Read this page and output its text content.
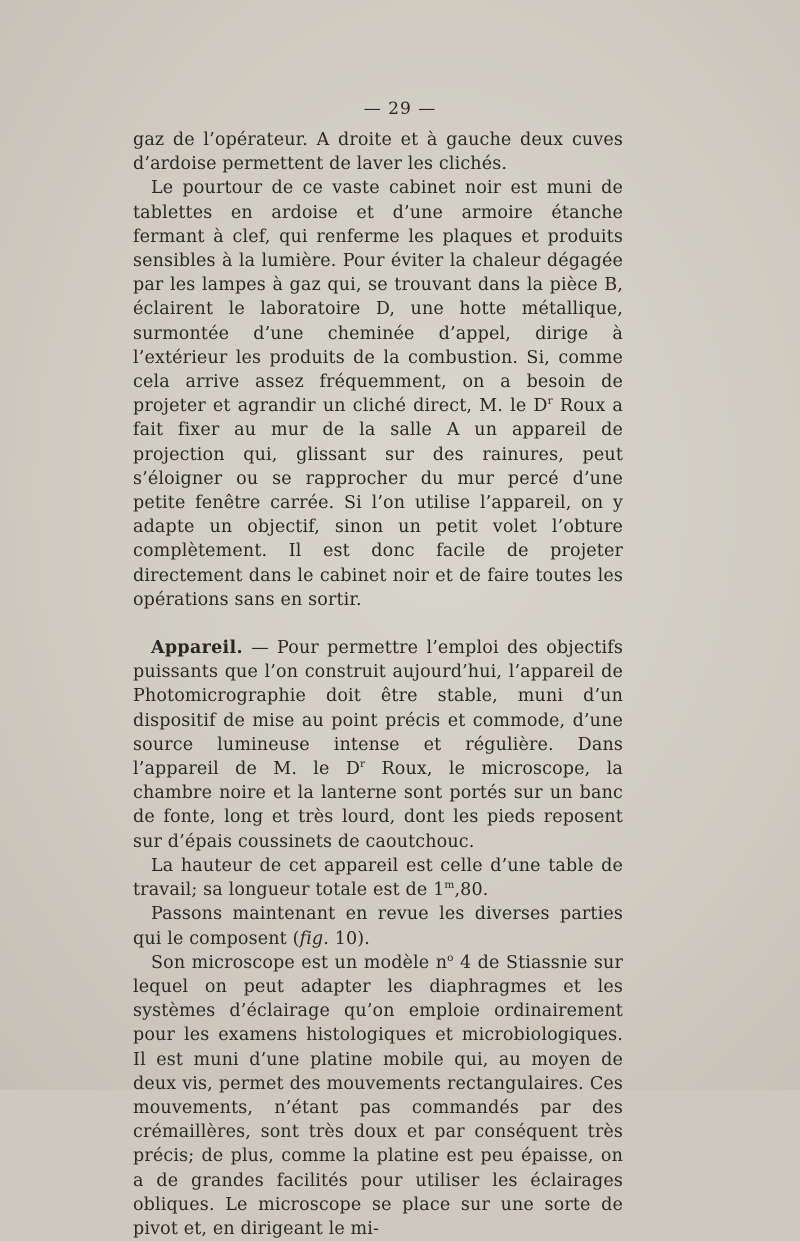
— 29 —

gaz de l’opérateur. A droite et à gauche deux cuves d’ardoise permettent de laver les clichés.

Le pourtour de ce vaste cabinet noir est muni de tablettes en ardoise et d’une armoire étanche fermant à clef, qui renferme les plaques et produits sensibles à la lumière. Pour éviter la chaleur dégagée par les lampes à gaz qui, se trouvant dans la pièce B, éclairent le laboratoire D, une hotte métallique, surmontée d’une cheminée d’appel, dirige à l’extérieur les produits de la combustion. Si, comme cela arrive assez fréquemment, on a besoin de projeter et agrandir un cliché direct, M. le $D^r$ Roux a fait fixer au mur de la salle A un appareil de projection qui, glissant sur des rainures, peut s’éloigner ou se rapprocher du mur percé d’une petite fenêtre carrée. Si l’on utilise l’appareil, on y adapte un objectif, sinon un petit volet l’obture complètement. Il est donc facile de projeter directement dans le cabinet noir et de faire toutes les opérations sans en sortir.

Appareil. — Pour permettre l’emploi des objectifs puissants que l’on construit aujourd’hui, l’appareil de Photomicrographie doit être stable, muni d’un dispositif de mise au point précis et commode, d’une source lumineuse intense et régulière. Dans l’appareil de M. le $D^r$ Roux, le microscope, la chambre noire et la lanterne sont portés sur un banc de fonte, long et très lourd, dont les pieds reposent sur d’épais coussinets de caoutchouc.

La hauteur de cet appareil est celle d’une table de travail; sa longueur totale est de 1$^m$,80.

Passons maintenant en revue les diverses parties qui le composent (fig. 10).

Son microscope est un modèle $n^o$ 4 de Stiassnie sur lequel on peut adapter les diaphragmes et les systèmes d’éclairage qu’on emploie ordinairement pour les examens histologiques et microbiologiques. Il est muni d’une platine mobile qui, au moyen de deux vis, permet des mouvements rectangulaires. Ces mouvements, n’étant pas commandés par des crémaillères, sont très doux et par conséquent très précis; de plus, comme la platine est peu épaisse, on a de grandes facilités pour utiliser les éclairages obliques. Le microscope se place sur une sorte de pivot et, en dirigeant le mi-
